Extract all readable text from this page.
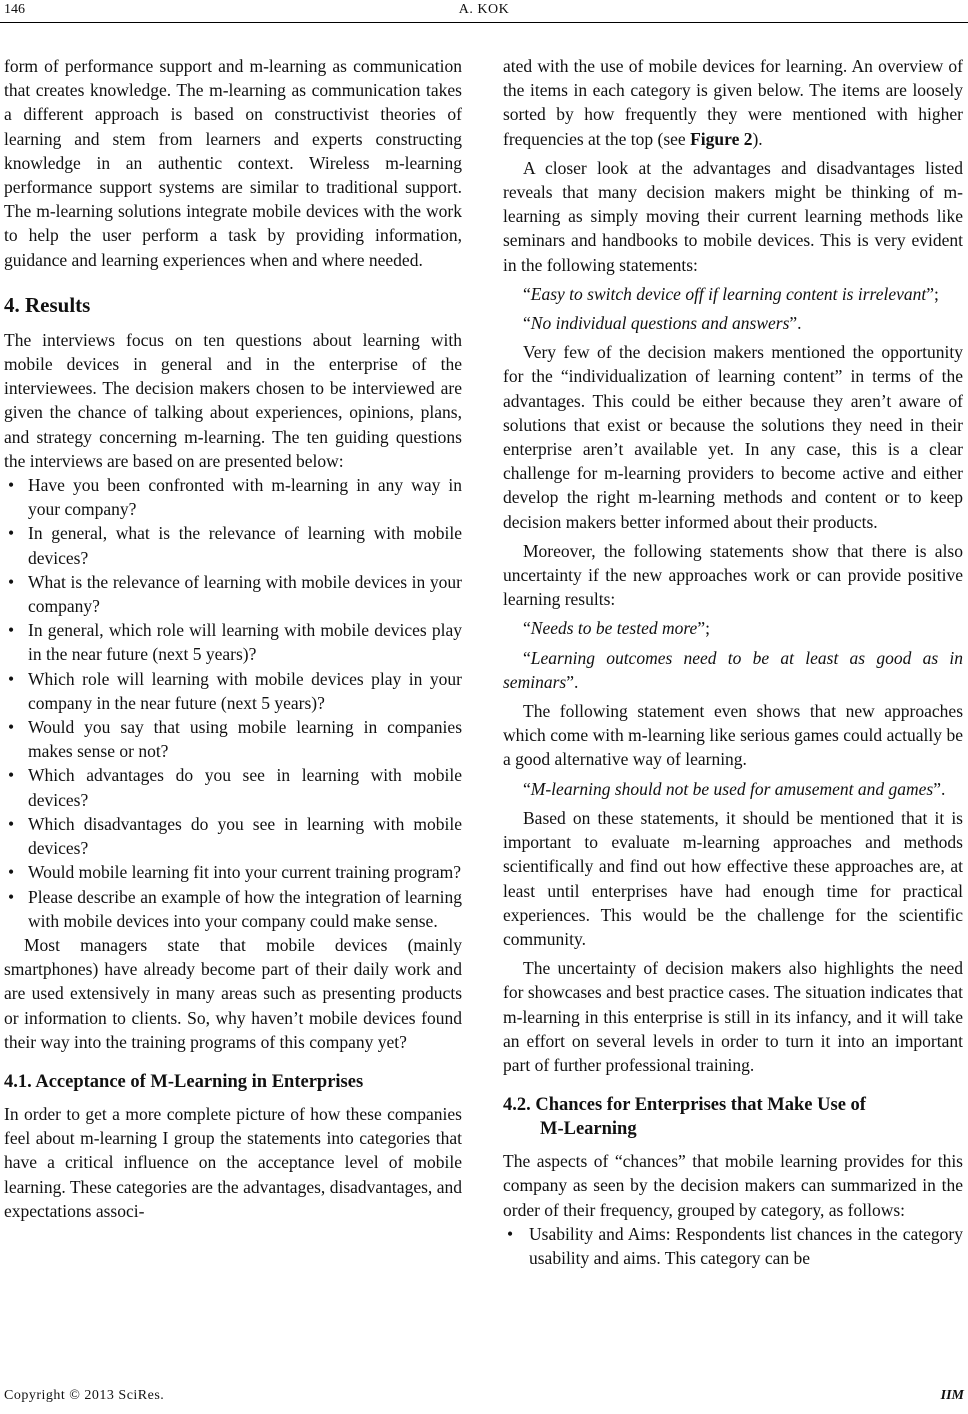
146	A. KOK

form of performance support and m-learning as communication that creates knowledge. The m-learning as communication takes a different approach is based on constructivist theories of learning and stem from learners and experts constructing knowledge in an authentic context. Wireless m-learning performance support systems are similar to traditional support. The m-learning solutions integrate mobile devices with the work to help the user perform a task by providing information, guidance and learning experiences when and where needed.

4. Results

The interviews focus on ten questions about learning with mobile devices in general and in the enterprise of the interviewees. The decision makers chosen to be interviewed are given the chance of talking about experiences, opinions, plans, and strategy concerning m-learning. The ten guiding questions the interviews are based on are presented below:

• Have you been confronted with m-learning in any way in your company?
• In general, what is the relevance of learning with mobile devices?
• What is the relevance of learning with mobile devices in your company?
• In general, which role will learning with mobile devices play in the near future (next 5 years)?
• Which role will learning with mobile devices play in your company in the near future (next 5 years)?
• Would you say that using mobile learning in companies makes sense or not?
• Which advantages do you see in learning with mobile devices?
• Which disadvantages do you see in learning with mobile devices?
• Would mobile learning fit into your current training program?
• Please describe an example of how the integration of learning with mobile devices into your company could make sense.

Most managers state that mobile devices (mainly smartphones) have already become part of their daily work and are used extensively in many areas such as presenting products or information to clients. So, why haven’t mobile devices found their way into the training programs of this company yet?

4.1. Acceptance of M-Learning in Enterprises

In order to get a more complete picture of how these companies feel about m-learning I group the statements into categories that have a critical influence on the acceptance level of mobile learning. These categories are the advantages, disadvantages, and expectations associ-

ated with the use of mobile devices for learning. An overview of the items in each category is given below. The items are loosely sorted by how frequently they were mentioned with higher frequencies at the top (see Figure 2).

A closer look at the advantages and disadvantages listed reveals that many decision makers might be thinking of m-learning as simply moving their current learning methods like seminars and handbooks to mobile devices. This is very evident in the following statements:

“Easy to switch device off if learning content is irrelevant”;

“No individual questions and answers”.

Very few of the decision makers mentioned the opportunity for the “individualization of learning content” in terms of the advantages. This could be either because they aren’t aware of solutions that exist or because the solutions they need in their enterprise aren’t available yet. In any case, this is a clear challenge for m-learning providers to become active and either develop the right m-learning methods and content or to keep decision makers better informed about their products.

Moreover, the following statements show that there is also uncertainty if the new approaches work or can provide positive learning results:

“Needs to be tested more”;

“Learning outcomes need to be at least as good as in seminars”.

The following statement even shows that new approaches which come with m-learning like serious games could actually be a good alternative way of learning.

“M-learning should not be used for amusement and games”.

Based on these statements, it should be mentioned that it is important to evaluate m-learning approaches and methods scientifically and find out how effective these approaches are, at least until enterprises have had enough time for practical experiences. This would be the challenge for the scientific community.

The uncertainty of decision makers also highlights the need for showcases and best practice cases. The situation indicates that m-learning in this enterprise is still in its infancy, and it will take an effort on several levels in order to turn it into an important part of further professional training.

4.2. Chances for Enterprises that Make Use of
M-Learning

The aspects of “chances” that mobile learning provides for this company as seen by the decision makers can summarized in the order of their frequency, grouped by category, as follows:

• Usability and Aims: Respondents list chances in the category usability and aims. This category can be
Copyright © 2013 SciRes.	IIM
